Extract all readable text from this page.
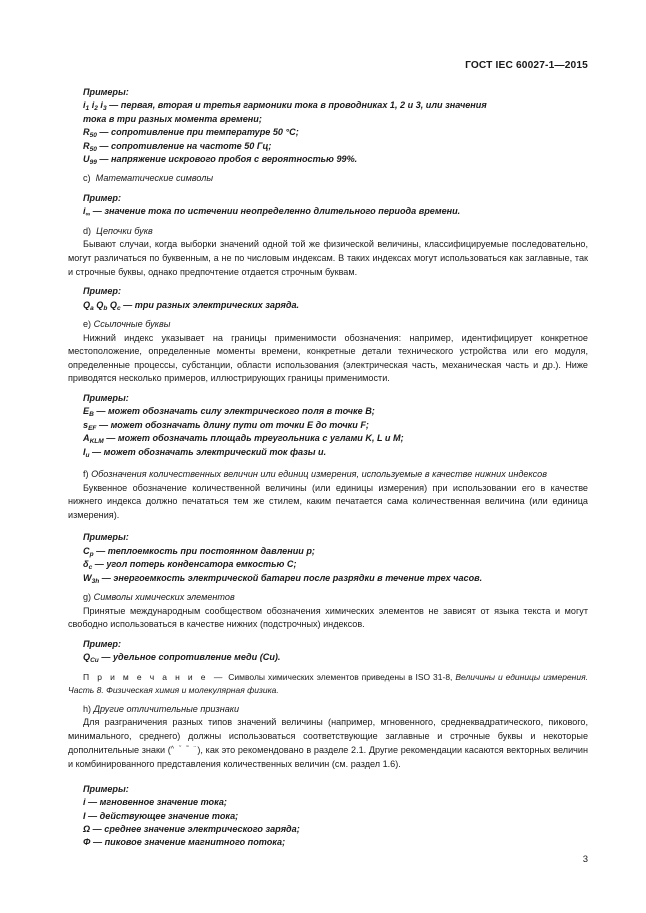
ГОСТ IEC 60027-1—2015
Примеры:
$i_1$ $i_2$ $i_3$ — первая, вторая и третья гармоники тока в проводниках 1, 2 и 3, или значения
тока в три разных момента времени;
$R_{50}$ — сопротивление при температуре 50 °C;
$R_{50}$ — сопротивление на частоте 50 Гц;
$U_{99}$ — напряжение искрового пробоя с вероятностью 99%.

c) Математические символы

Пример:
$i_\infty$ — значение тока по истечении неопределенно длительного периода времени.

d) Цепочки букв

Бывают случаи, когда выборки значений одной той же физической величины, классифицируемые последовательно, могут различаться по буквенным, а не по числовым индексам. В таких индексах могут использоваться как заглавные, так и строчные буквы, однако предпочтение отдается строчным буквам.

Пример:
$Q_a$ $Q_b$ $Q_c$ — три разных электрических заряда.

e) Ссылочные буквы

Нижний индекс указывает на границы применимости обозначения: например, идентифицирует конкретное местоположение, определенные моменты времени, конкретные детали технического устройства или его модуля, определенные процессы, субстанции, области использования (электрическая часть, механическая часть и др.). Ниже приводятся несколько примеров, иллюстрирующих границы применимости.

Примеры:
$E_B$ — может обозначать силу электрического поля в точке B;
$s_{EF}$ — может обозначать длину пути от точки E до точки F;
$A_{KLM}$ — может обозначать площадь треугольника с углами K, L и M;
$I_u$ — может обозначать электрический ток фазы u.

f) Обозначения количественных величин или единиц измерения, используемые в качестве нижних индексов

Буквенное обозначение количественной величины (или единицы измерения) при использовании его в качестве нижнего индекса должно печататься тем же стилем, каким печатается сама количественная величина (или единица измерения).

Примеры:
$C_p$ — теплоемкость при постоянном давлении p;
$\delta_c$ — угол потерь конденсатора емкостью C;
$W_{3h}$ — энергоемкость электрической батареи после разрядки в течение трех часов.

g) Символы химических элементов

Принятые международным сообществом обозначения химических элементов не зависят от языка текста и могут свободно использоваться в качестве нижних (подстрочных) индексов.

Пример:
$Q_{Cu}$ — удельное сопротивление меди (Cu).

П р и м е ч а н и е  —  Символы химических элементов приведены в ISO 31-8, Величины и единицы измерения. Часть 8. Физическая химия и молекулярная физика.

h) Другие отличительные признаки

Для разграничения разных типов значений величины (например, мгновенного, среднеквадратического, пикового, минимального, среднего) должны использоваться соответствующие заглавные и строчные буквы и некоторые дополнительные знаки ($^{\^{} ˇ ˜ ¨}$), как это рекомендовано в разделе 2.1. Другие рекомендации касаются векторных величин и комбинированного представления количественных величин (см. раздел 1.6).

Примеры:
i — мгновенное значение тока;
I — действующее значение тока;
Ω — среднее значение электрического заряда;
Φ — пиковое значение магнитного потока;
3
